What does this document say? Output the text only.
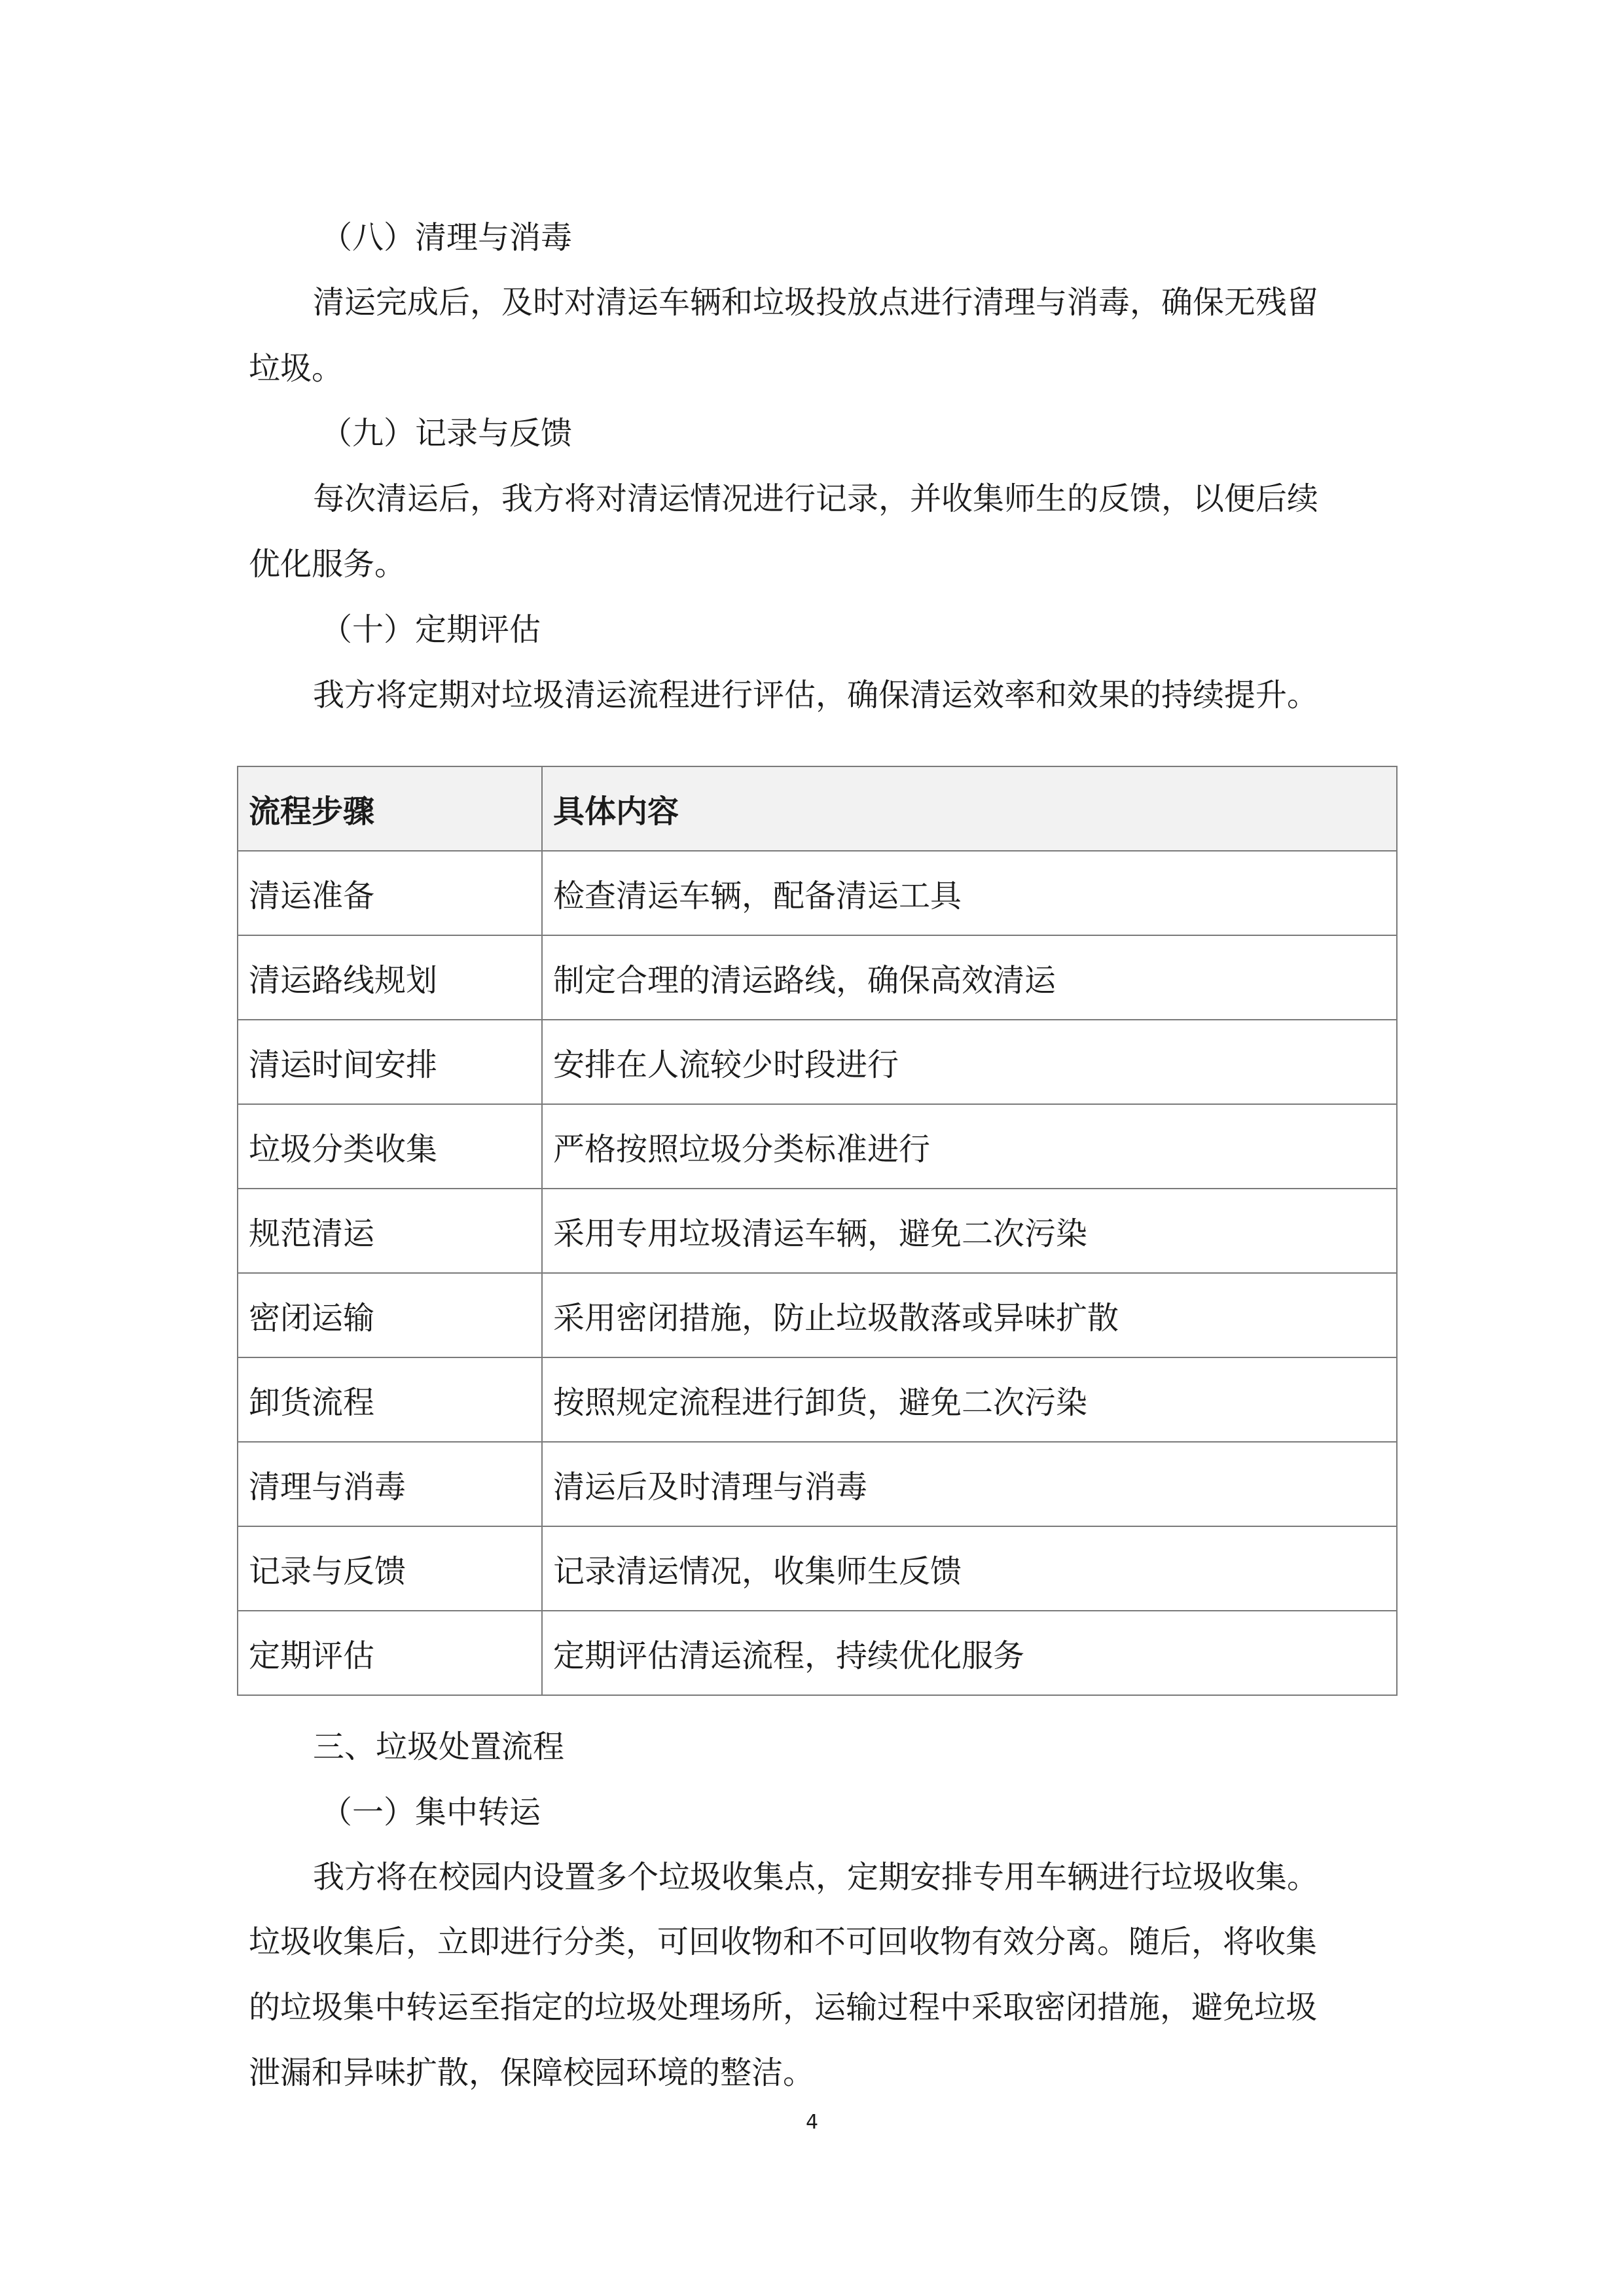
（八）清理与消毒
清运完成后，及时对清运车辆和垃圾投放点进行清理与消毒，确保无残留
垃圾。
（九）记录与反馈
每次清运后，我方将对清运情况进行记录，并收集师生的反馈，以便后续
优化服务。
（十）定期评估
我方将定期对垃圾清运流程进行评估，确保清运效率和效果的持续提升。
流程步骤	具体内容
清运准备	检查清运车辆，配备清运工具
清运路线规划	制定合理的清运路线，确保高效清运
清运时间安排	安排在人流较少时段进行
垃圾分类收集	严格按照垃圾分类标准进行
规范清运	采用专用垃圾清运车辆，避免二次污染
密闭运输	采用密闭措施，防止垃圾散落或异味扩散
卸货流程	按照规定流程进行卸货，避免二次污染
清理与消毒	清运后及时清理与消毒
记录与反馈	记录清运情况，收集师生反馈
定期评估	定期评估清运流程，持续优化服务
三、垃圾处置流程
（一）集中转运
我方将在校园内设置多个垃圾收集点，定期安排专用车辆进行垃圾收集。
垃圾收集后，立即进行分类，可回收物和不可回收物有效分离。随后，将收集
的垃圾集中转运至指定的垃圾处理场所，运输过程中采取密闭措施，避免垃圾
泄漏和异味扩散，保障校园环境的整洁。
4
